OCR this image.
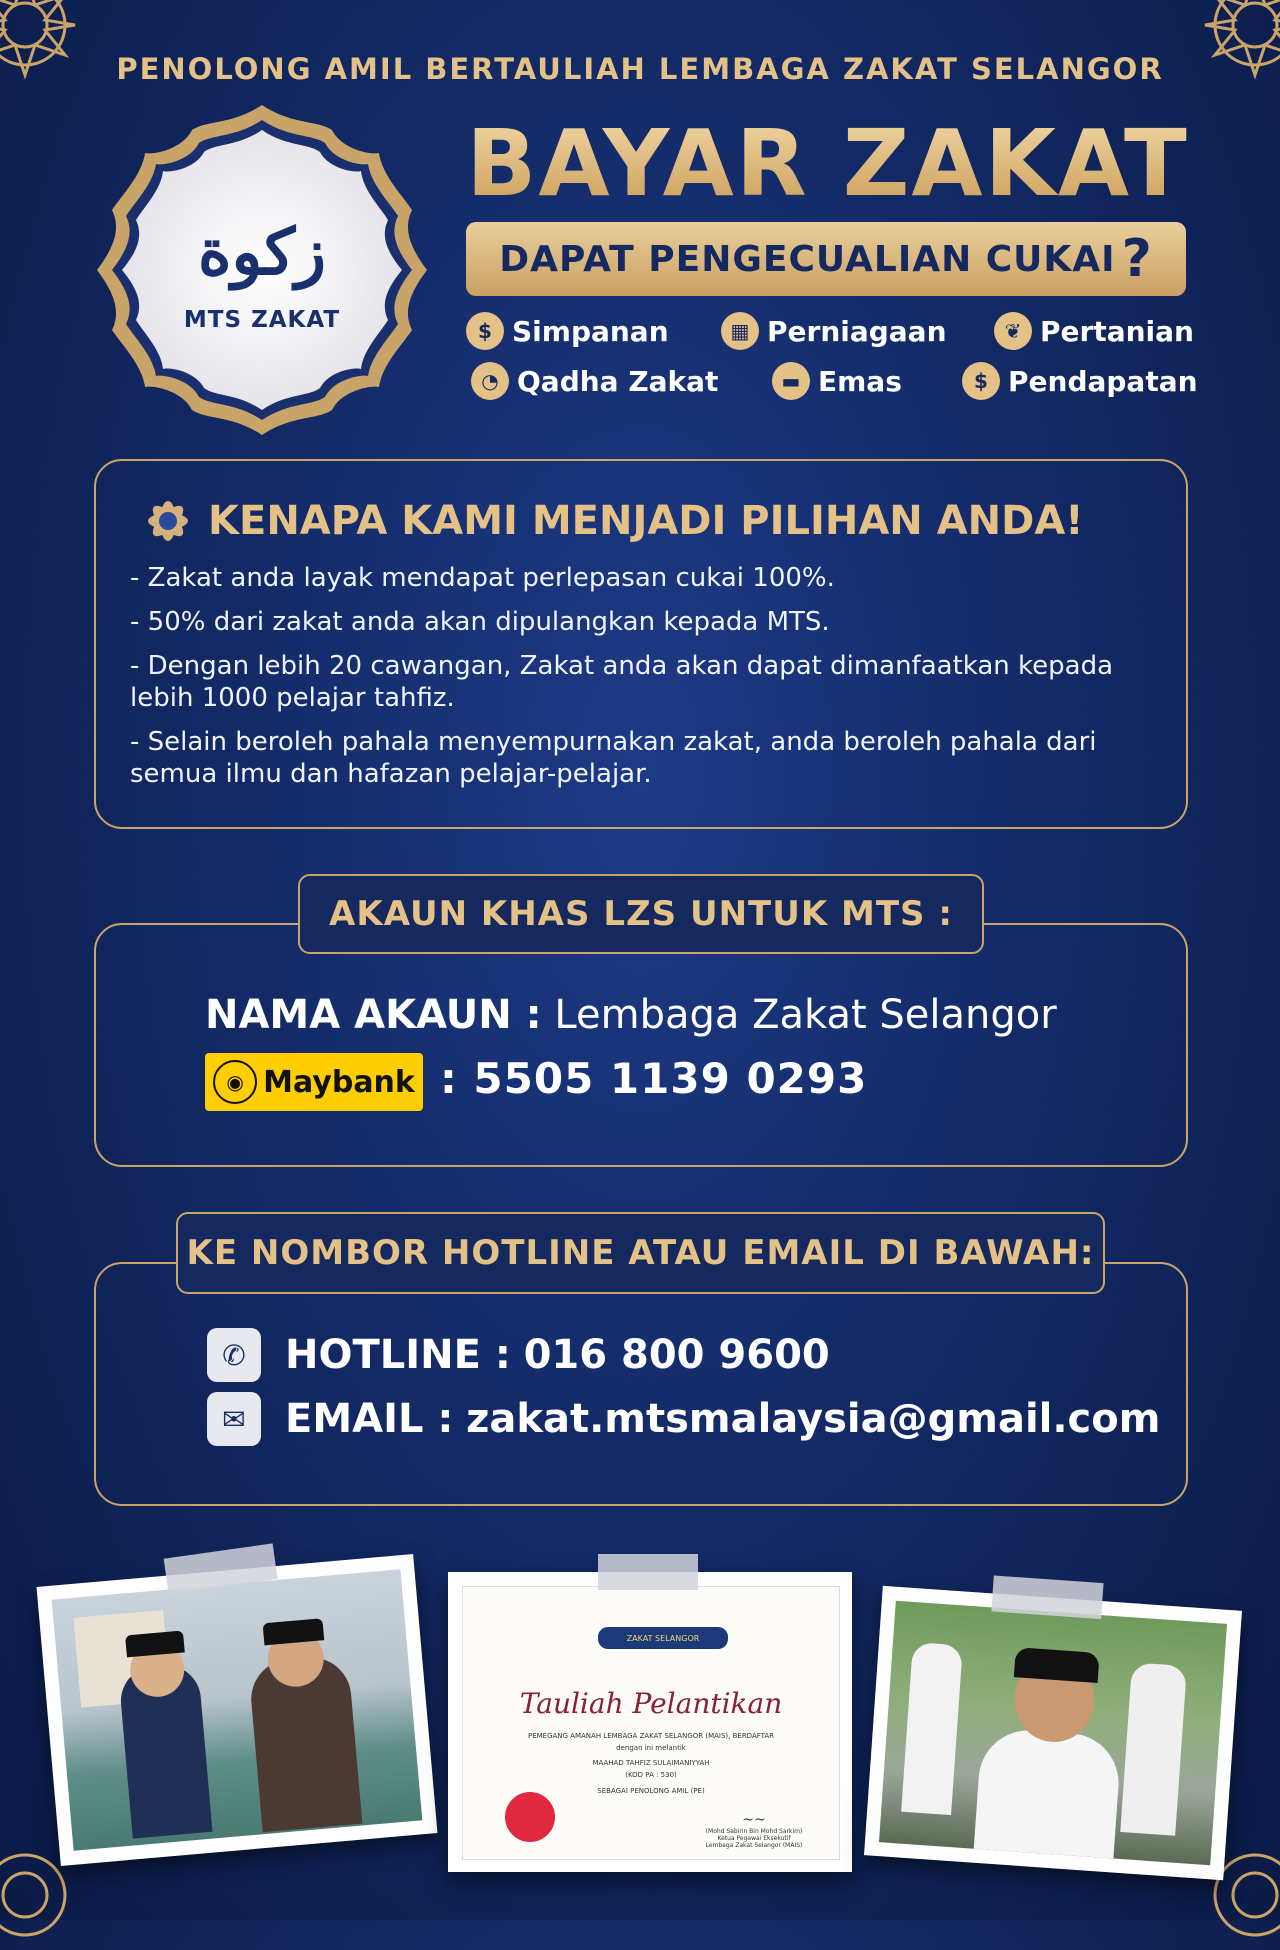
PENOLONG AMIL BERTAULIAH LEMBAGA ZAKAT SELANGOR
زكوة
MTS ZAKAT
BAYAR ZAKAT
DAPAT PENGECUALIAN CUKAI ?
$ Simpanan	▦ Perniagaan	❦ Pertanian
◔ Qadha Zakat	▬ Emas	$ Pendapatan
KENAPA KAMI MENJADI PILIHAN ANDA!
- Zakat anda layak mendapat perlepasan cukai 100%.
- 50% dari zakat anda akan dipulangkan kepada MTS.
- Dengan lebih 20 cawangan, Zakat anda akan dapat dimanfaatkan kepada lebih 1000 pelajar tahfiz.
- Selain beroleh pahala menyempurnakan zakat, anda beroleh pahala dari semua ilmu dan hafazan pelajar-pelajar.
AKAUN KHAS LZS UNTUK MTS :
NAMA AKAUN : Lembaga Zakat Selangor
◉ Maybank : 5505 1139 0293
KE NOMBOR HOTLINE ATAU EMAIL DI BAWAH:
✆ HOTLINE :
016 800 9600
✉ EMAIL :
zakat.mtsmalaysia@gmail.com
ZAKAT SELANGOR
Tauliah Pelantikan
PEMEGANG AMANAH LEMBAGA ZAKAT SELANGOR (MAIS), BERDAFTAR
dengan ini melantik
MAAHAD TAHFIZ SULAIMANIYYAH
(KOD PA : 530)
SEBAGAI PENOLONG AMIL (PE)
~~
(Mohd Sabirin Bin Mohd Sarkim)
Ketua Pegawai Eksekutif
Lembaga Zakat Selangor (MAIS)
